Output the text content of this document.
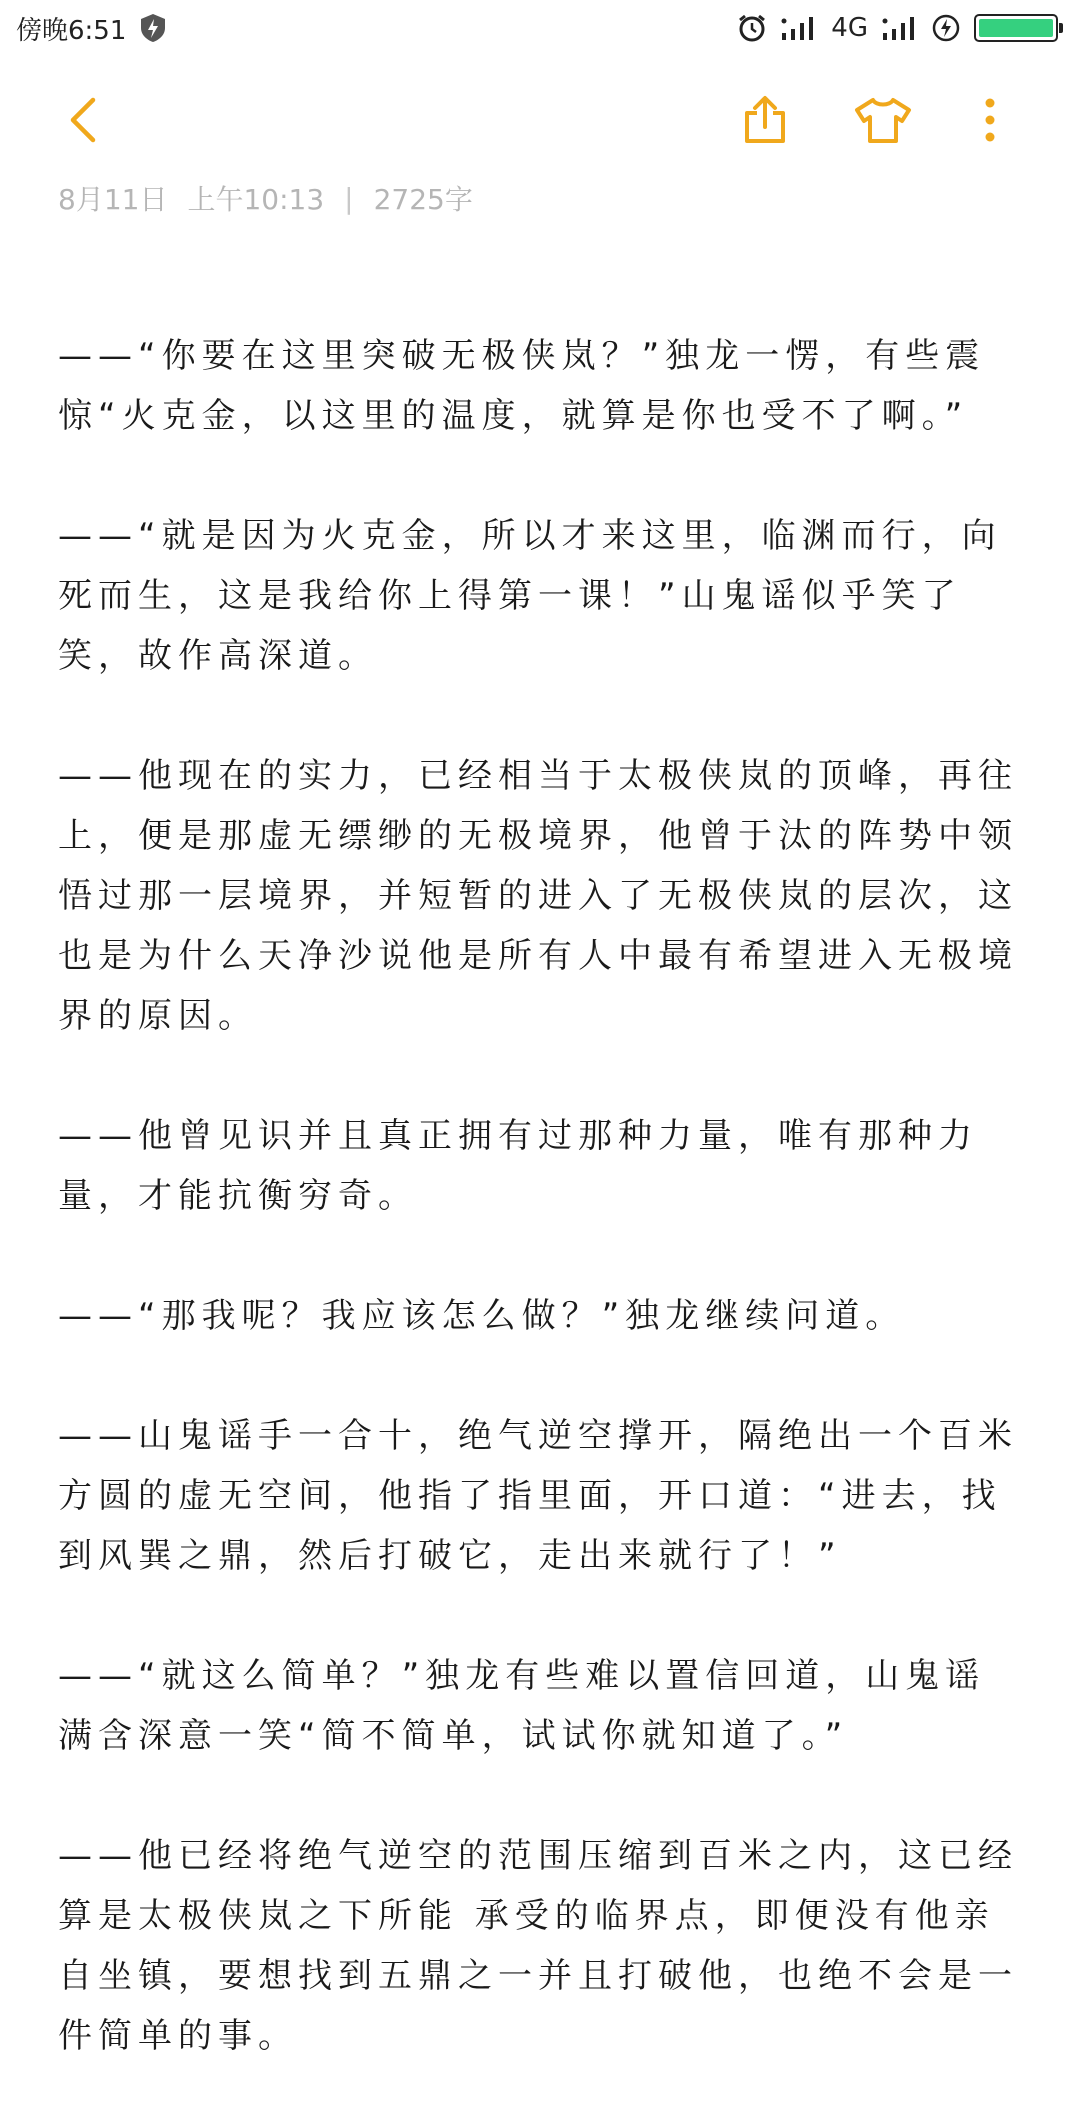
傍晚6:51	4G
8月11日 上午10:13 | 2725字

——“你要在这里突破无极侠岚？”独龙一愣，有些震惊“火克金，以这里的温度，就算是你也受不了啊。”

——“就是因为火克金，所以才来这里，临渊而行，向死而生，这是我给你上得第一课！”山鬼谣似乎笑了笑，故作高深道。

——他现在的实力，已经相当于太极侠岚的顶峰，再往上，便是那虚无缥缈的无极境界，他曾于汰的阵势中领悟过那一层境界，并短暂的进入了无极侠岚的层次，这也是为什么天净沙说他是所有人中最有希望进入无极境界的原因。

——他曾见识并且真正拥有过那种力量，唯有那种力量，才能抗衡穷奇。

——“那我呢？我应该怎么做？”独龙继续问道。

——山鬼谣手一合十，绝气逆空撑开，隔绝出一个百米方圆的虚无空间，他指了指里面，开口道：“进去，找到风巽之鼎，然后打破它，走出来就行了！”

——“就这么简单？”独龙有些难以置信回道，山鬼谣满含深意一笑“简不简单，试试你就知道了。”

——他已经将绝气逆空的范围压缩到百米之内，这已经算是太极侠岚之下所能 承受的临界点，即便没有他亲自坐镇，要想找到五鼎之一并且打破他，也绝不会是一件简单的事。
